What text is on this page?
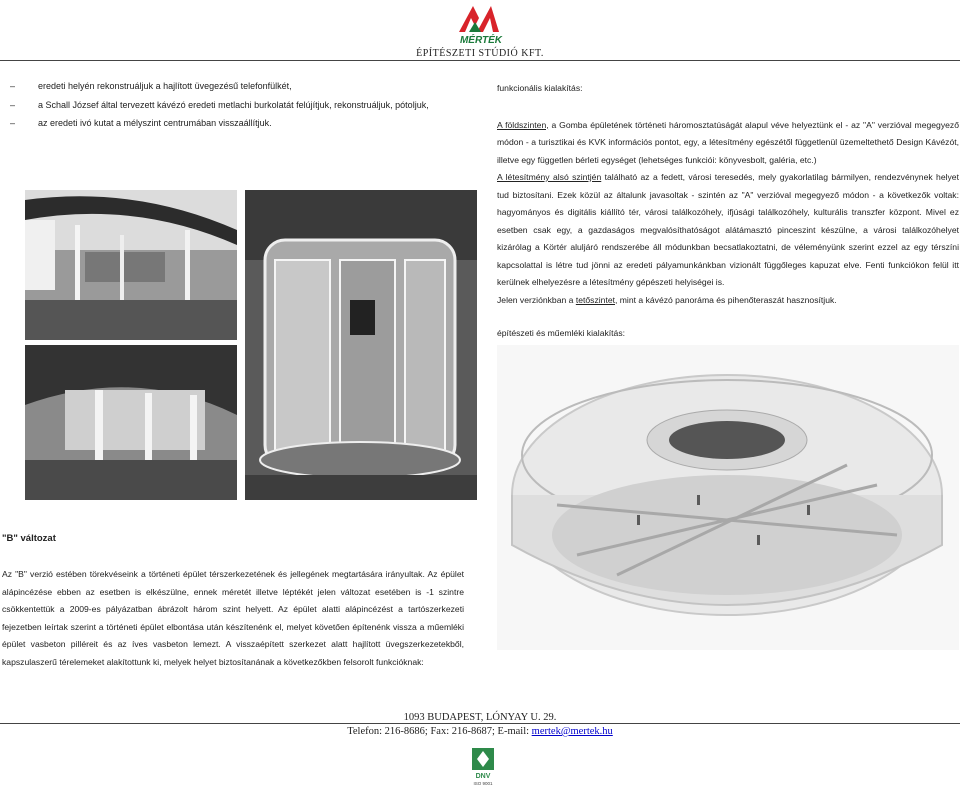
MÉRTÉK
ÉPÍTÉSZETI STÚDIÓ KFT.
– eredeti helyén rekonstruáljuk a hajlított üvegezésű telefonfülkét,
– a Schall József által tervezett kávézó eredeti metlachi burkolatát felújítjuk, rekonstruáljuk, pótoljuk,
– az eredeti ivó kutat a mélyszint centrumában visszaállítjuk.

funkcionális kialakítás:

A földszinten, a Gomba épületének történeti háromosztatúságát alapul véve helyeztünk el - az "A" verzióval megegyező módon - a turisztikai és KVK információs pontot, egy, a létesítmény egészétől függetlenül üzemeltethető Design Kávézót, illetve egy független bérleti egységet (lehetséges funkciói: könyvesbolt, galéria, etc.)

A létesítmény alsó szintjén található az a fedett, városi teresedés, mely gyakorlatilag bármilyen, rendezvénynek helyet tud biztosítani. Ezek közül az általunk javasoltak - szintén az "A" verzióval megegyező módon - a következők voltak: hagyományos és digitális kiállító tér, városi találkozóhely, ifjúsági találkozóhely, kulturális transzfer központ. Mivel ez esetben csak egy, a gazdaságos megvalósíthatóságot alátámasztó pinceszint készülne, a városi találkozóhelyet kizárólag a Körtér aluljáró rendszerébe áll módunkban becsatlakoztatni, de véleményünk szerint ezzel az egy térszíni kapcsolattal is létre tud jönni az eredeti pályamunkánkban vizionált függőleges kapuzat elve. Fenti funkciókon felül itt kerülnek elhelyezésre a létesítmény gépészeti helyiségei is.

Jelen verziónkban a tetőszintet, mint a kávézó panoráma és pihenőteraszát hasznosítjuk.

építészeti és műemléki kialakítás:

"B" változat
Az "B" verzió estében törekvéseink a történeti épület térszerkezetének és jellegének megtartására irányultak. Az épület alápincézése ebben az esetben is elkészülne, ennek méretét illetve léptékét jelen változat esetében is -1 szintre csökkentettük a 2009-es pályázatban ábrázolt három szint helyett. Az épület alatti alápincézést a tartószerkezeti fejezetben leírtak szerint a történeti épület elbontása után készítenénk el, melyet követően építenénk vissza a műemléki épület vasbeton pilléreit és az íves vasbeton lemezt. A visszaépített szerkezet alatt hajlított üvegszerkezetekből, kapszulaszerű térelemeket alakítottunk ki, melyek helyet biztosítanának a következőkben felsorolt funkcióknak:
1093 BUDAPEST, LÓNYAY U. 29.
Telefon: 216-8686; Fax: 216-8687; E-mail: mertek@mertek.hu
DNV
ISO 9001
